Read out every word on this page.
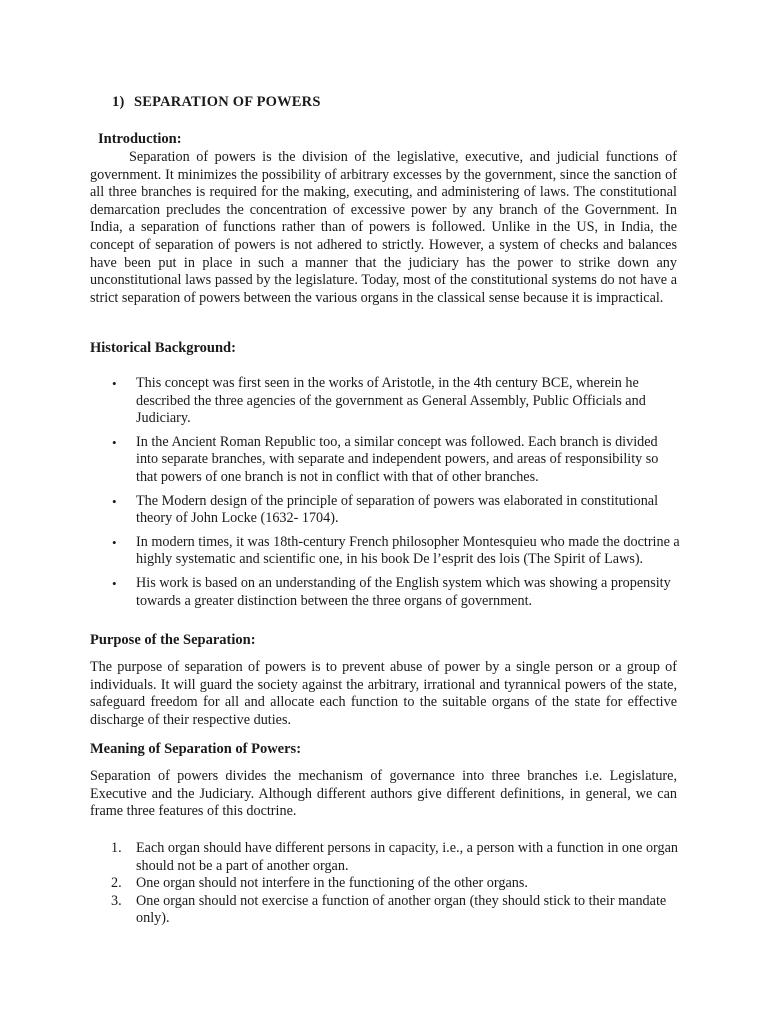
1) SEPARATION OF POWERS
Introduction:
Separation of powers is the division of the legislative, executive, and judicial functions of government. It minimizes the possibility of arbitrary excesses by the government, since the sanction of all three branches is required for the making, executing, and administering of laws. The constitutional demarcation precludes the concentration of excessive power by any branch of the Government. In India, a separation of functions rather than of powers is followed. Unlike in the US, in India, the concept of separation of powers is not adhered to strictly. However, a system of checks and balances have been put in place in such a manner that the judiciary has the power to strike down any unconstitutional laws passed by the legislature. Today, most of the constitutional systems do not have a strict separation of powers between the various organs in the classical sense because it is impractical.
Historical Background:
• This concept was first seen in the works of Aristotle, in the 4th century BCE, wherein he described the three agencies of the government as General Assembly, Public Officials and Judiciary.
• In the Ancient Roman Republic too, a similar concept was followed. Each branch is divided into separate branches, with separate and independent powers, and areas of responsibility so that powers of one branch is not in conflict with that of other branches.
• The Modern design of the principle of separation of powers was elaborated in constitutional theory of John Locke (1632- 1704).
• In modern times, it was 18th-century French philosopher Montesquieu who made the doctrine a highly systematic and scientific one, in his book De l’esprit des lois (The Spirit of Laws).
• His work is based on an understanding of the English system which was showing a propensity towards a greater distinction between the three organs of government.
Purpose of the Separation:
The purpose of separation of powers is to prevent abuse of power by a single person or a group of individuals. It will guard the society against the arbitrary, irrational and tyrannical powers of the state, safeguard freedom for all and allocate each function to the suitable organs of the state for effective discharge of their respective duties.
Meaning of Separation of Powers:
Separation of powers divides the mechanism of governance into three branches i.e. Legislature, Executive and the Judiciary. Although different authors give different definitions, in general, we can frame three features of this doctrine.
1. Each organ should have different persons in capacity, i.e., a person with a function in one organ should not be a part of another organ.
2. One organ should not interfere in the functioning of the other organs.
3. One organ should not exercise a function of another organ (they should stick to their mandate only).
